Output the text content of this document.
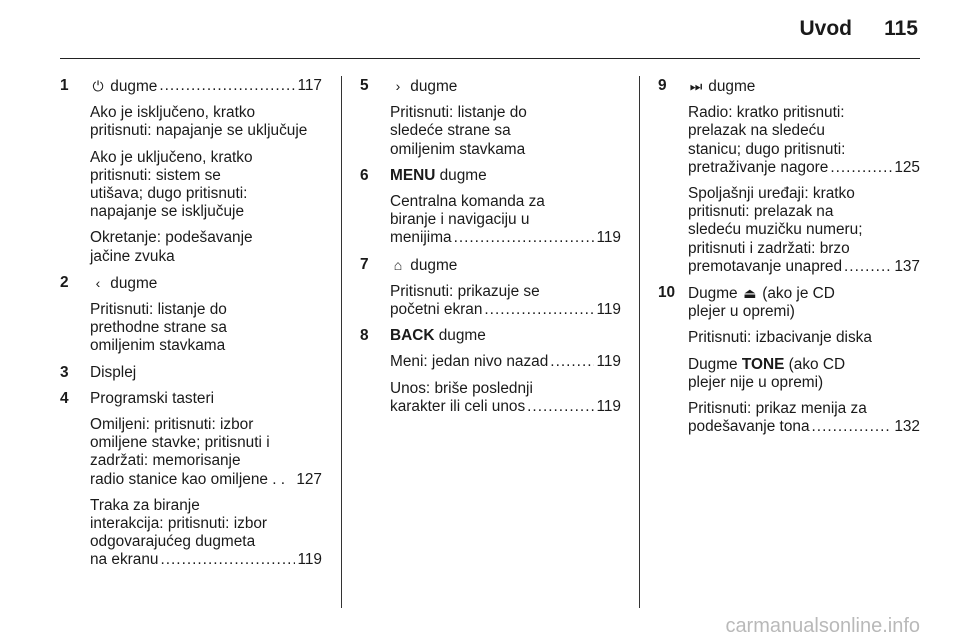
Uvod 115
1 ⏻ dugme .....	117
Ako je isključeno, kratko
pritisnuti: napajanje se uključuje
Ako je uključeno, kratko
pritisnuti: sistem se
utišava; dugo pritisnuti:
napajanje se isključuje
Okretanje: podešavanje
jačine zvuka
2	‹ dugme
Pritisnuti: listanje do
prethodne strane sa
omiljenim stavkama
3 Displej
4 Programski tasteri
Omiljeni: pritisnuti: izbor
omiljene stavke; pritisnuti i
zadržati: memorisanje
radio stanice kao omiljene . . 127
Traka za biranje
interakcija: pritisnuti: izbor
odgovarajućeg dugmeta
na ekranu .....	119
5	› dugme
Pritisnuti: listanje do
sledeće strane sa
omiljenim stavkama
6 MENU dugme
Centralna komanda za
biranje i navigaciju u
menijima .....	119
7 ⌂ dugme
Pritisnuti: prikazuje se
početni ekran .....	119
8 BACK dugme
Meni: jedan nivo nazad .....	119
Unos: briše poslednji
karakter ili celi unos .....	119
9 ⏭ dugme
Radio: kratko pritisnuti:
prelazak na sledeću
stanicu; dugo pritisnuti:
pretraživanje nagore .....	125
Spoljašnji uređaji: kratko
pritisnuti: prelazak na
sledeću muzičku numeru;
pritisnuti i zadržati: brzo
premotavanje unapred .....	137
10 Dugme ⏏ (ako je CD
plejer u opremi)
Pritisnuti: izbacivanje diska
Dugme TONE (ako CD
plejer nije u opremi)
Pritisnuti: prikaz menija za
podešavanje tona .....	132
carmanualsonline.info
